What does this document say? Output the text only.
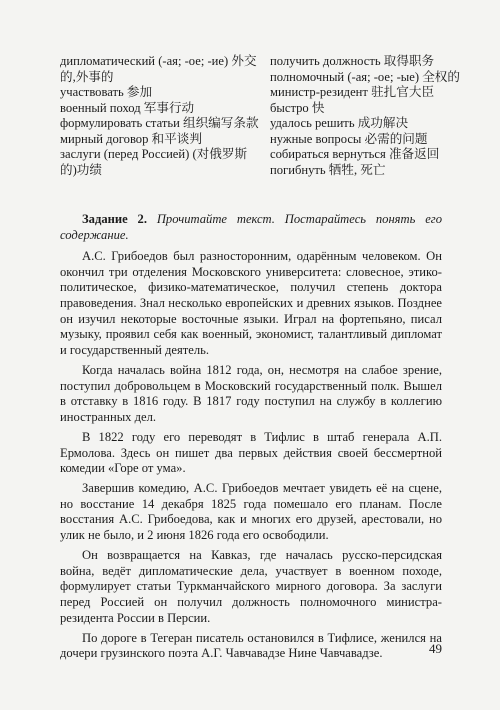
дипломатический (-ая; -ое; -ие) 外交的,外事的

участвовать 参加

военный поход 军事行动

формулировать статьи 组织编写条款

мирный договор 和平谈判

заслуги (перед Россией) (对俄罗斯的)功绩

получить должность 取得职务

полномочный (-ая; -ое; -ые) 全权的

министр-резидент 驻扎官大臣

быстро 快

удалось решить 成功解决

нужные вопросы 必需的问题

собираться вернуться 准备返回

погибнуть 牺牲, 死亡

Задание 2. Прочитайте текст. Постарайтесь понять его содержание.

А.С. Грибоедов был разносторонним, одарённым человеком. Он окончил три отделения Московского университета: словесное, этико-политическое, физико-математическое, получил степень доктора правоведения. Знал несколько европейских и древних языков. Позднее он изучил некоторые восточные языки. Играл на фортепьяно, писал музыку, проявил себя как военный, экономист, талантливый дипломат и государственный деятель.

Когда началась война 1812 года, он, несмотря на слабое зрение, поступил добровольцем в Московский государственный полк. Вышел в отставку в 1816 году. В 1817 году поступил на службу в коллегию иностранных дел.

В 1822 году его переводят в Тифлис в штаб генерала А.П. Ермолова. Здесь он пишет два первых действия своей бессмертной комедии «Горе от ума».

Завершив комедию, А.С. Грибоедов мечтает увидеть её на сцене, но восстание 14 декабря 1825 года помешало его планам. После восстания А.С. Грибоедова, как и многих его друзей, арестовали, но улик не было, и 2 июня 1826 года его освободили.

Он возвращается на Кавказ, где началась русско-персидская война, ведёт дипломатические дела, участвует в военном походе, формулирует статьи Туркманчайского мирного договора. За заслуги перед Россией он получил должность полномочного министра-резидента России в Персии.

По дороге в Тегеран писатель остановился в Тифлисе, женился на дочери грузинского поэта А.Г. Чавчавадзе Нине Чавчавадзе.	49
